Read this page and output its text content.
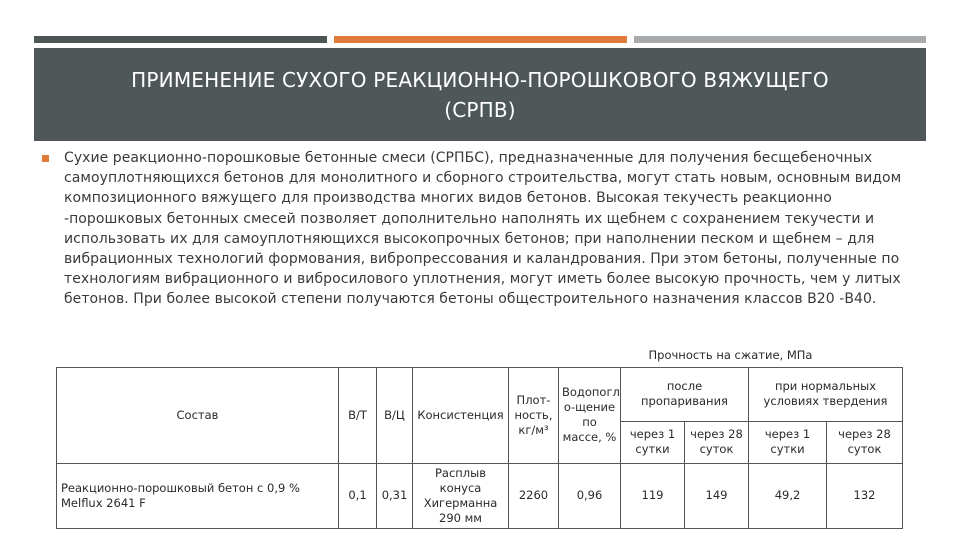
ПРИМЕНЕНИЕ СУХОГО РЕАКЦИОННО-ПОРОШКОВОГО ВЯЖУЩЕГО (СРПВ)
Сухие реакционно-порошковые бетонные смеси (СРПБС), предназначенные для получения бесщебеночных самоуплотняющихся бетонов для монолитного и сборного строительства, могут стать новым, основным видом композиционного вяжущего для производства многих видов бетонов. Высокая текучесть реакционно -порошковых бетонных смесей позволяет дополнительно наполнять их щебнем с сохранением текучести и использовать их для самоуплотняющихся высокопрочных бетонов; при наполнении песком и щебнем – для вибрационных технологий формования, вибропрессования и каландрования. При этом бетоны, полученные по технологиям вибрационного и вибросилового уплотнения, могут иметь более высокую прочность, чем у литых бетонов. При более высокой степени получаются бетоны общестроительного назначения классов В20 -В40.
					Прочность на сжатие, МПа				
Состав	В/Т	В/Ц	Консистенция	Плот-ность, кг/м³	Водопогл о-щение по массе, %	после пропаривания		при нормальных условиях твердения	
						через 1 сутки	через 28 суток	через 1 сутки	через 28 суток
Реакционно-порошковый бетон с 0,9 % Melflux 2641 F	0,1	0,31	Расплыв конуса Хигерманна 290 мм	2260	0,96	119	149	49,2	132
